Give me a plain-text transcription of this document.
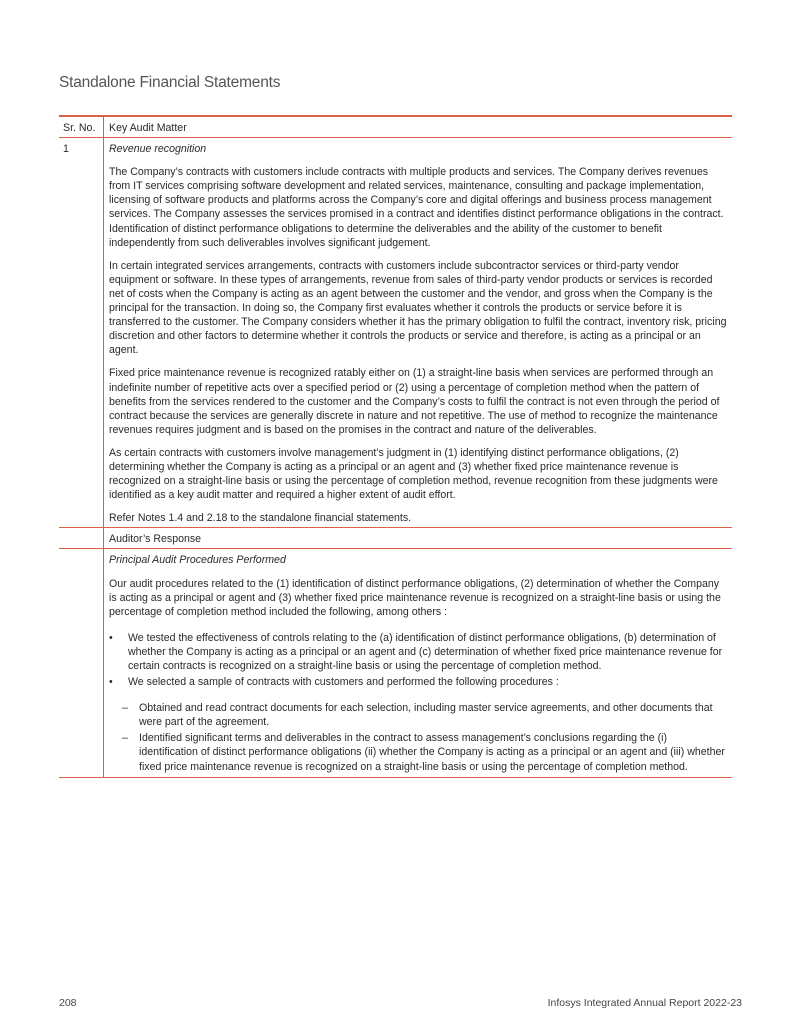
Standalone Financial Statements
Sr. No.	Key Audit Matter
1	Revenue recognition

The Company’s contracts with customers include contracts with multiple products and services. The Company derives revenues from IT services comprising software development and related services, maintenance, consulting and package implementation, licensing of software products and platforms across the Company’s core and digital offerings and business process management services. The Company assesses the services promised in a contract and identifies distinct performance obligations in the contract. Identification of distinct performance obligations to determine the deliverables and the ability of the customer to benefit independently from such deliverables involves significant judgement.

In certain integrated services arrangements, contracts with customers include subcontractor services or third-party vendor equipment or software. In these types of arrangements, revenue from sales of third-party vendor products or services is recorded net of costs when the Company is acting as an agent between the customer and the vendor, and gross when the Company is the principal for the transaction. In doing so, the Company first evaluates whether it controls the products or service before it is transferred to the customer. The Company considers whether it has the primary obligation to fulfil the contract, inventory risk, pricing discretion and other factors to determine whether it controls the products or service and therefore, is acting as a principal or an agent.

Fixed price maintenance revenue is recognized ratably either on (1) a straight-line basis when services are performed through an indefinite number of repetitive acts over a specified period or (2) using a percentage of completion method when the pattern of benefits from the services rendered to the customer and the Company’s costs to fulfil the contract is not even through the period of contract because the services are generally discrete in nature and not repetitive. The use of method to recognize the maintenance revenues requires judgment and is based on the promises in the contract and nature of the deliverables.

As certain contracts with customers involve management’s judgment in (1) identifying distinct performance obligations, (2) determining whether the Company is acting as a principal or an agent and (3) whether fixed price maintenance revenue is recognized on a straight-line basis or using the percentage of completion method, revenue recognition from these judgments were identified as a key audit matter and required a higher extent of audit effort.

Refer Notes 1.4 and 2.18 to the standalone financial statements.

Auditor’s Response

Principal Audit Procedures Performed

Our audit procedures related to the (1) identification of distinct performance obligations, (2) determination of whether the Company is acting as a principal or agent and (3) whether fixed price maintenance revenue is recognized on a straight-line basis or using the percentage of completion method included the following, among others :

• We tested the effectiveness of controls relating to the (a) identification of distinct performance obligations, (b) determination of whether the Company is acting as a principal or an agent and (c) determination of whether fixed price maintenance revenue for certain contracts is recognized on a straight-line basis or using the percentage of completion method.
• We selected a sample of contracts with customers and performed the following procedures :
– Obtained and read contract documents for each selection, including master service agreements, and other documents that were part of the agreement.
– Identified significant terms and deliverables in the contract to assess management’s conclusions regarding the (i) identification of distinct performance obligations (ii) whether the Company is acting as a principal or an agent and (iii) whether fixed price maintenance revenue is recognized on a straight-line basis or using the percentage of completion method.
208	Infosys Integrated Annual Report 2022-23
